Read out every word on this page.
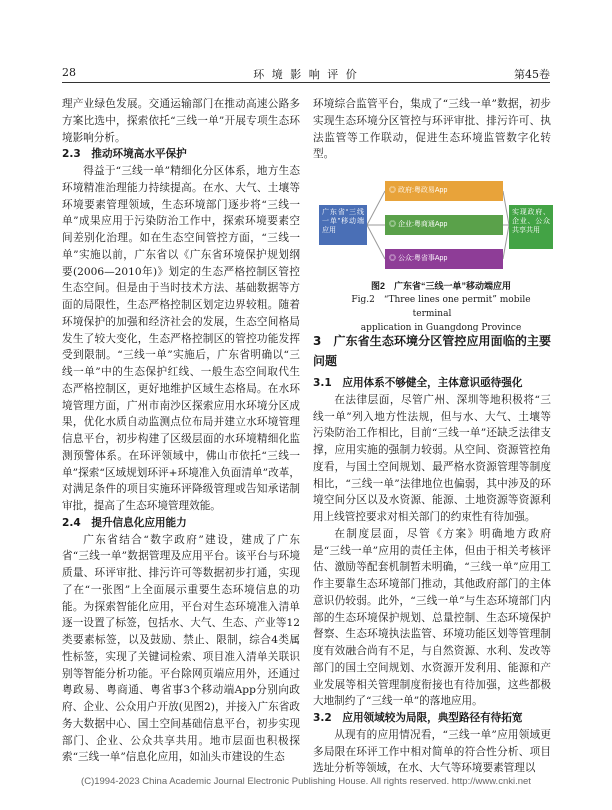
28	环 境 影 响 评 价	第45卷

理产业绿色发展。交通运输部门在推动高速公路多方案比选中，探索依托“三线一单”开展专项生态环境影响分析。

2.3　推动环境高水平保护

得益于“三线一单”精细化分区体系，地方生态环境精准治理能力持续提高。在水、大气、土壤等环境要素管理领域，生态环境部门逐步将“三线一单”成果应用于污染防治工作中，探索环境要素空间差别化治理。如在生态空间管控方面，“三线一单”实施以前，广东省以《广东省环境保护规划纲要(2006—2010年)》划定的生态严格控制区管控生态空间。但是由于当时技术方法、基础数据等方面的局限性，生态严格控制区划定边界较粗。随着环境保护的加强和经济社会的发展，生态空间格局发生了较大变化，生态严格控制区的管控功能发挥受到限制。“三线一单”实施后，广东省明确以“三线一单”中的生态保护红线、一般生态空间取代生态严格控制区，更好地维护区域生态格局。在水环境管理方面，广州市南沙区探索应用水环境分区成果，优化水质自动监测点位布局并建立水环境管理信息平台，初步构建了区级层面的水环境精细化监测预警体系。在环评领域中，佛山市依托“三线一单”探索“区域规划环评+环境准入负面清单”改革，对满足条件的项目实施环评降级管理或告知承诺制审批，提高了生态环境管理效能。

2.4　提升信息化应用能力

广东省结合“数字政府”建设，建成了广东省“三线一单”数据管理及应用平台。该平台与环境质量、环评审批、排污许可等数据初步打通，实现了在“一张图”上全面展示重要生态环境信息的功能。为探索智能化应用，平台对生态环境准入清单逐一设置了标签，包括水、大气、生态、产业等12类要素标签，以及鼓励、禁止、限制，综合4类属性标签，实现了关键词检索、项目准入清单关联识别等智能分析功能。平台除网页端应用外，还通过粤政易、粤商通、粤省事3个移动端App分别向政府、企业、公众用户开放(见图2)，并接入广东省政务大数据中心、国土空间基础信息平台，初步实现部门、企业、公众共享共用。地市层面也积极探索“三线一单”信息化应用，如汕头市建设的生态

环境综合监管平台，集成了“三线一单”数据，初步实现生态环境分区管控与环评审批、排污许可、执法监管等工作联动，促进生态环境监管数字化转型。

广东省“三线一单”移动端应用
◎ 政府:粤政易App
◎ 企业:粤商通App
◎ 公众:粤省事App
实现政府、企业、公众共享共用

图2　广东省“三线一单”移动端应用

Fig.2　“Three lines one permit” mobile terminal

application in Guangdong Province

3　广东省生态环境分区管控应用面临的主要问题
3.1　应用体系不够健全，主体意识亟待强化

在法律层面，尽管广州、深圳等地积极将“三线一单”列入地方性法规，但与水、大气、土壤等污染防治工作相比，目前“三线一单”还缺乏法律支撑，应用实施的强制力较弱。从空间、资源管控角度看，与国土空间规划、最严格水资源管理等制度相比，“三线一单”法律地位也偏弱，其中涉及的环境空间分区以及水资源、能源、土地资源等资源利用上线管控要求对相关部门的约束性有待加强。

在制度层面，尽管《方案》明确地方政府是“三线一单”应用的责任主体，但由于相关考核评估、激励等配套机制暂未明确，“三线一单”应用工作主要靠生态环境部门推动，其他政府部门的主体意识仍较弱。此外，“三线一单”与生态环境部门内部的生态环境保护规划、总量控制、生态环境保护督察、生态环境执法监管、环境功能区划等管理制度有效融合尚有不足，与自然资源、水利、发改等部门的国土空间规划、水资源开发利用、能源和产业发展等相关管理制度衔接也有待加强，这些都极大地制约了“三线一单”的落地应用。

3.2　应用领域较为局限，典型路径有待拓宽

从现有的应用情况看，“三线一单”应用领域更多局限在环评工作中相对简单的符合性分析、项目选址分析等领域，在水、大气等环境要素管理以

(C)1994-2023 China Academic Journal Electronic Publishing House. All rights reserved. http://www.cnki.net
